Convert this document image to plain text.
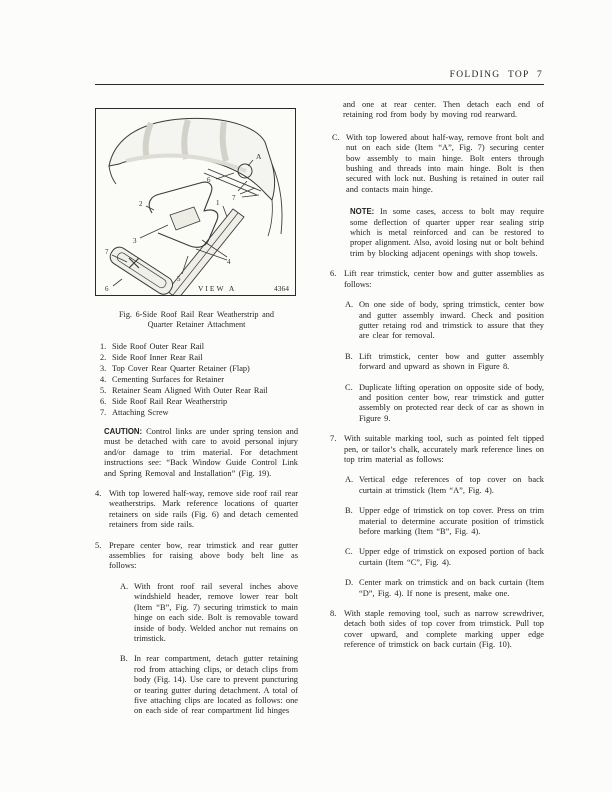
FOLDING TOP 7
A
6
7
1
2
3
4
5
7
6	VIEW A	4364
Fig. 6-Side Roof Rail Rear Weatherstrip and
Quarter Retainer Attachment
1. Side Roof Outer Rear Rail
2. Side Roof Inner Rear Rail
3. Top Cover Rear Quarter Retainer (Flap)
4. Cementing Surfaces for Retainer
5. Retainer Seam Aligned With Outer Rear Rail
6. Side Roof Rail Rear Weatherstrip
7. Attaching Screw
CAUTION: Control links are under spring tension and must be detached with care to avoid personal injury and/or damage to trim material. For detachment instructions see: “Back Window Guide Control Link and Spring Removal and Installation” (Fig. 19).
4. With top lowered half-way, remove side roof rail rear weatherstrips. Mark reference locations of quarter retainers on side rails (Fig. 6) and detach cemented retainers from side rails.
5. Prepare center bow, rear trimstick and rear gutter assemblies for raising above body belt line as follows:
A. With front roof rail several inches above windshield header, remove lower rear bolt (Item “B”, Fig. 7) securing trimstick to main hinge on each side. Bolt is removable toward inside of body. Welded anchor nut remains on trimstick.
B. In rear compartment, detach gutter retaining rod from attaching clips, or detach clips from body (Fig. 14). Use care to prevent puncturing or tearing gutter during detachment. A total of five attaching clips are located as follows: one on each side of rear compartment lid hinges
and one at rear center. Then detach each end of retaining rod from body by moving rod rearward.
C. With top lowered about half-way, remove front bolt and nut on each side (Item “A”, Fig. 7) securing center bow assembly to main hinge. Bolt enters through bushing and threads into main hinge. Bolt is then secured with lock nut. Bushing is retained in outer rail and contacts main hinge.
NOTE: In some cases, access to bolt may require some deflection of quarter upper rear sealing strip which is metal reinforced and can be restored to proper alignment. Also, avoid losing nut or bolt behind trim by blocking adjacent openings with shop towels.
6. Lift rear trimstick, center bow and gutter assemblies as follows:
A. On one side of body, spring trimstick, center bow and gutter assembly inward. Check and position gutter retaing rod and trimstick to assure that they are clear for removal.
B. Lift trimstick, center bow and gutter assembly forward and upward as shown in Figure 8.
C. Duplicate lifting operation on opposite side of body, and position center bow, rear trimstick and gutter assembly on protected rear deck of car as shown in Figure 9.
7. With suitable marking tool, such as pointed felt tipped pen, or tailor’s chalk, accurately mark reference lines on top trim material as follows:
A. Vertical edge references of top cover on back curtain at trimstick (Item “A”, Fig. 4).
B. Upper edge of trimstick on top cover. Press on trim material to determine accurate position of trimstick before marking (Item “B”, Fig. 4).
C. Upper edge of trimstick on exposed portion of back curtain (Item “C”, Fig. 4).
D. Center mark on trimstick and on back curtain (Item “D”, Fig. 4). If none is present, make one.
8. With staple removing tool, such as narrow screwdriver, detach both sides of top cover from trimstick. Pull top cover upward, and complete marking upper edge reference of trimstick on back curtain (Fig. 10).
